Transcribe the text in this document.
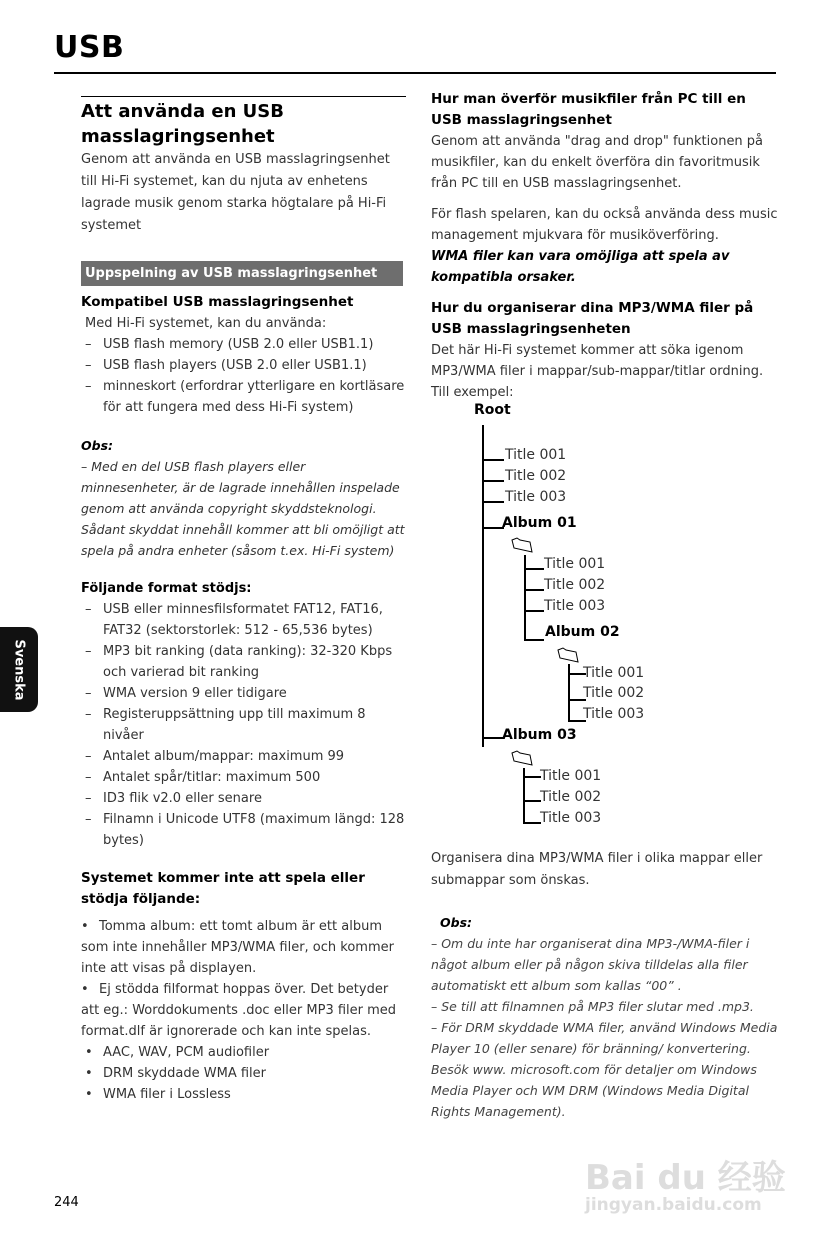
USB
Svenska
Att använda en USB masslagringsenhet

Genom att använda en USB masslagringsenhet till Hi-Fi systemet, kan du njuta av enhetens lagrade musik genom starka högtalare på Hi-Fi systemet

Uppspelning av USB masslagringsenhet
Kompatibel USB masslagringsenhet

Med Hi-Fi systemet, kan du använda:

– USB flash memory (USB 2.0 eller USB1.1)
– USB flash players (USB 2.0 eller USB1.1)
– minneskort (erfordrar ytterligare en kortläsare för att fungera med dess Hi-Fi system)

Obs:

– Med en del USB flash players eller minnesenheter, är de lagrade innehållen inspelade genom att använda copyright skyddsteknologi. Sådant skyddat innehåll kommer att bli omöjligt att spela på andra enheter (såsom t.ex. Hi-Fi system)

Följande format stödjs:
– USB eller minnesfilsformatet FAT12, FAT16, FAT32 (sektorstorlek: 512 - 65,536 bytes)
– MP3 bit ranking (data ranking): 32-320 Kbps och varierad bit ranking
– WMA version 9 eller tidigare
– Registeruppsättning upp till maximum 8 nivåer
– Antalet album/mappar: maximum 99
– Antalet spår/titlar: maximum 500
– ID3 flik v2.0 eller senare
– Filnamn i Unicode UTF8 (maximum längd: 128 bytes)
Systemet kommer inte att spela eller stödja följande:
• Tomma album: ett tomt album är ett album som inte innehåller MP3/WMA filer, och kommer inte att visas på displayen.
• Ej stödda filformat hoppas över. Det betyder att eg.: Worddokuments .doc eller MP3 filer med format.dlf är ignorerade och kan inte spelas.
• AAC, WAV, PCM audiofiler
• DRM skyddade WMA filer
• WMA filer i Lossless
Hur man överför musikfiler från PC till en USB masslagringsenhet

Genom att använda "drag and drop" funktionen på musikfiler, kan du enkelt överföra din favoritmusik från PC till en USB masslagringsenhet.

För flash spelaren, kan du också använda dess music management mjukvara för musiköverföring.

WMA filer kan vara omöjliga att spela av kompatibla orsaker.

Hur du organiserar dina MP3/WMA filer på USB masslagringsenheten

Det här Hi-Fi systemet kommer att söka igenom MP3/WMA filer i mappar/sub-mappar/titlar ordning. Till exempel:

Root
Title 001
Title 002
Title 003
Album 01
Title 001
Title 002
Title 003
Album 02
Title 001
Title 002
Title 003
Album 03
Title 001
Title 002
Title 003

Organisera dina MP3/WMA filer i olika mappar eller submappar som önskas.

Obs:

– Om du inte har organiserat dina MP3-/WMA-filer i något album eller på någon skiva tilldelas alla filer automatiskt ett album som kallas “00” .
– Se till att filnamnen på MP3 filer slutar med .mp3.
– För DRM skyddade WMA filer, använd Windows Media Player 10 (eller senare) för bränning/ konvertering. Besök www. microsoft.com för detaljer om Windows Media Player och WM DRM (Windows Media Digital Rights Management).
244
Bai du 经验
jingyan.baidu.com
